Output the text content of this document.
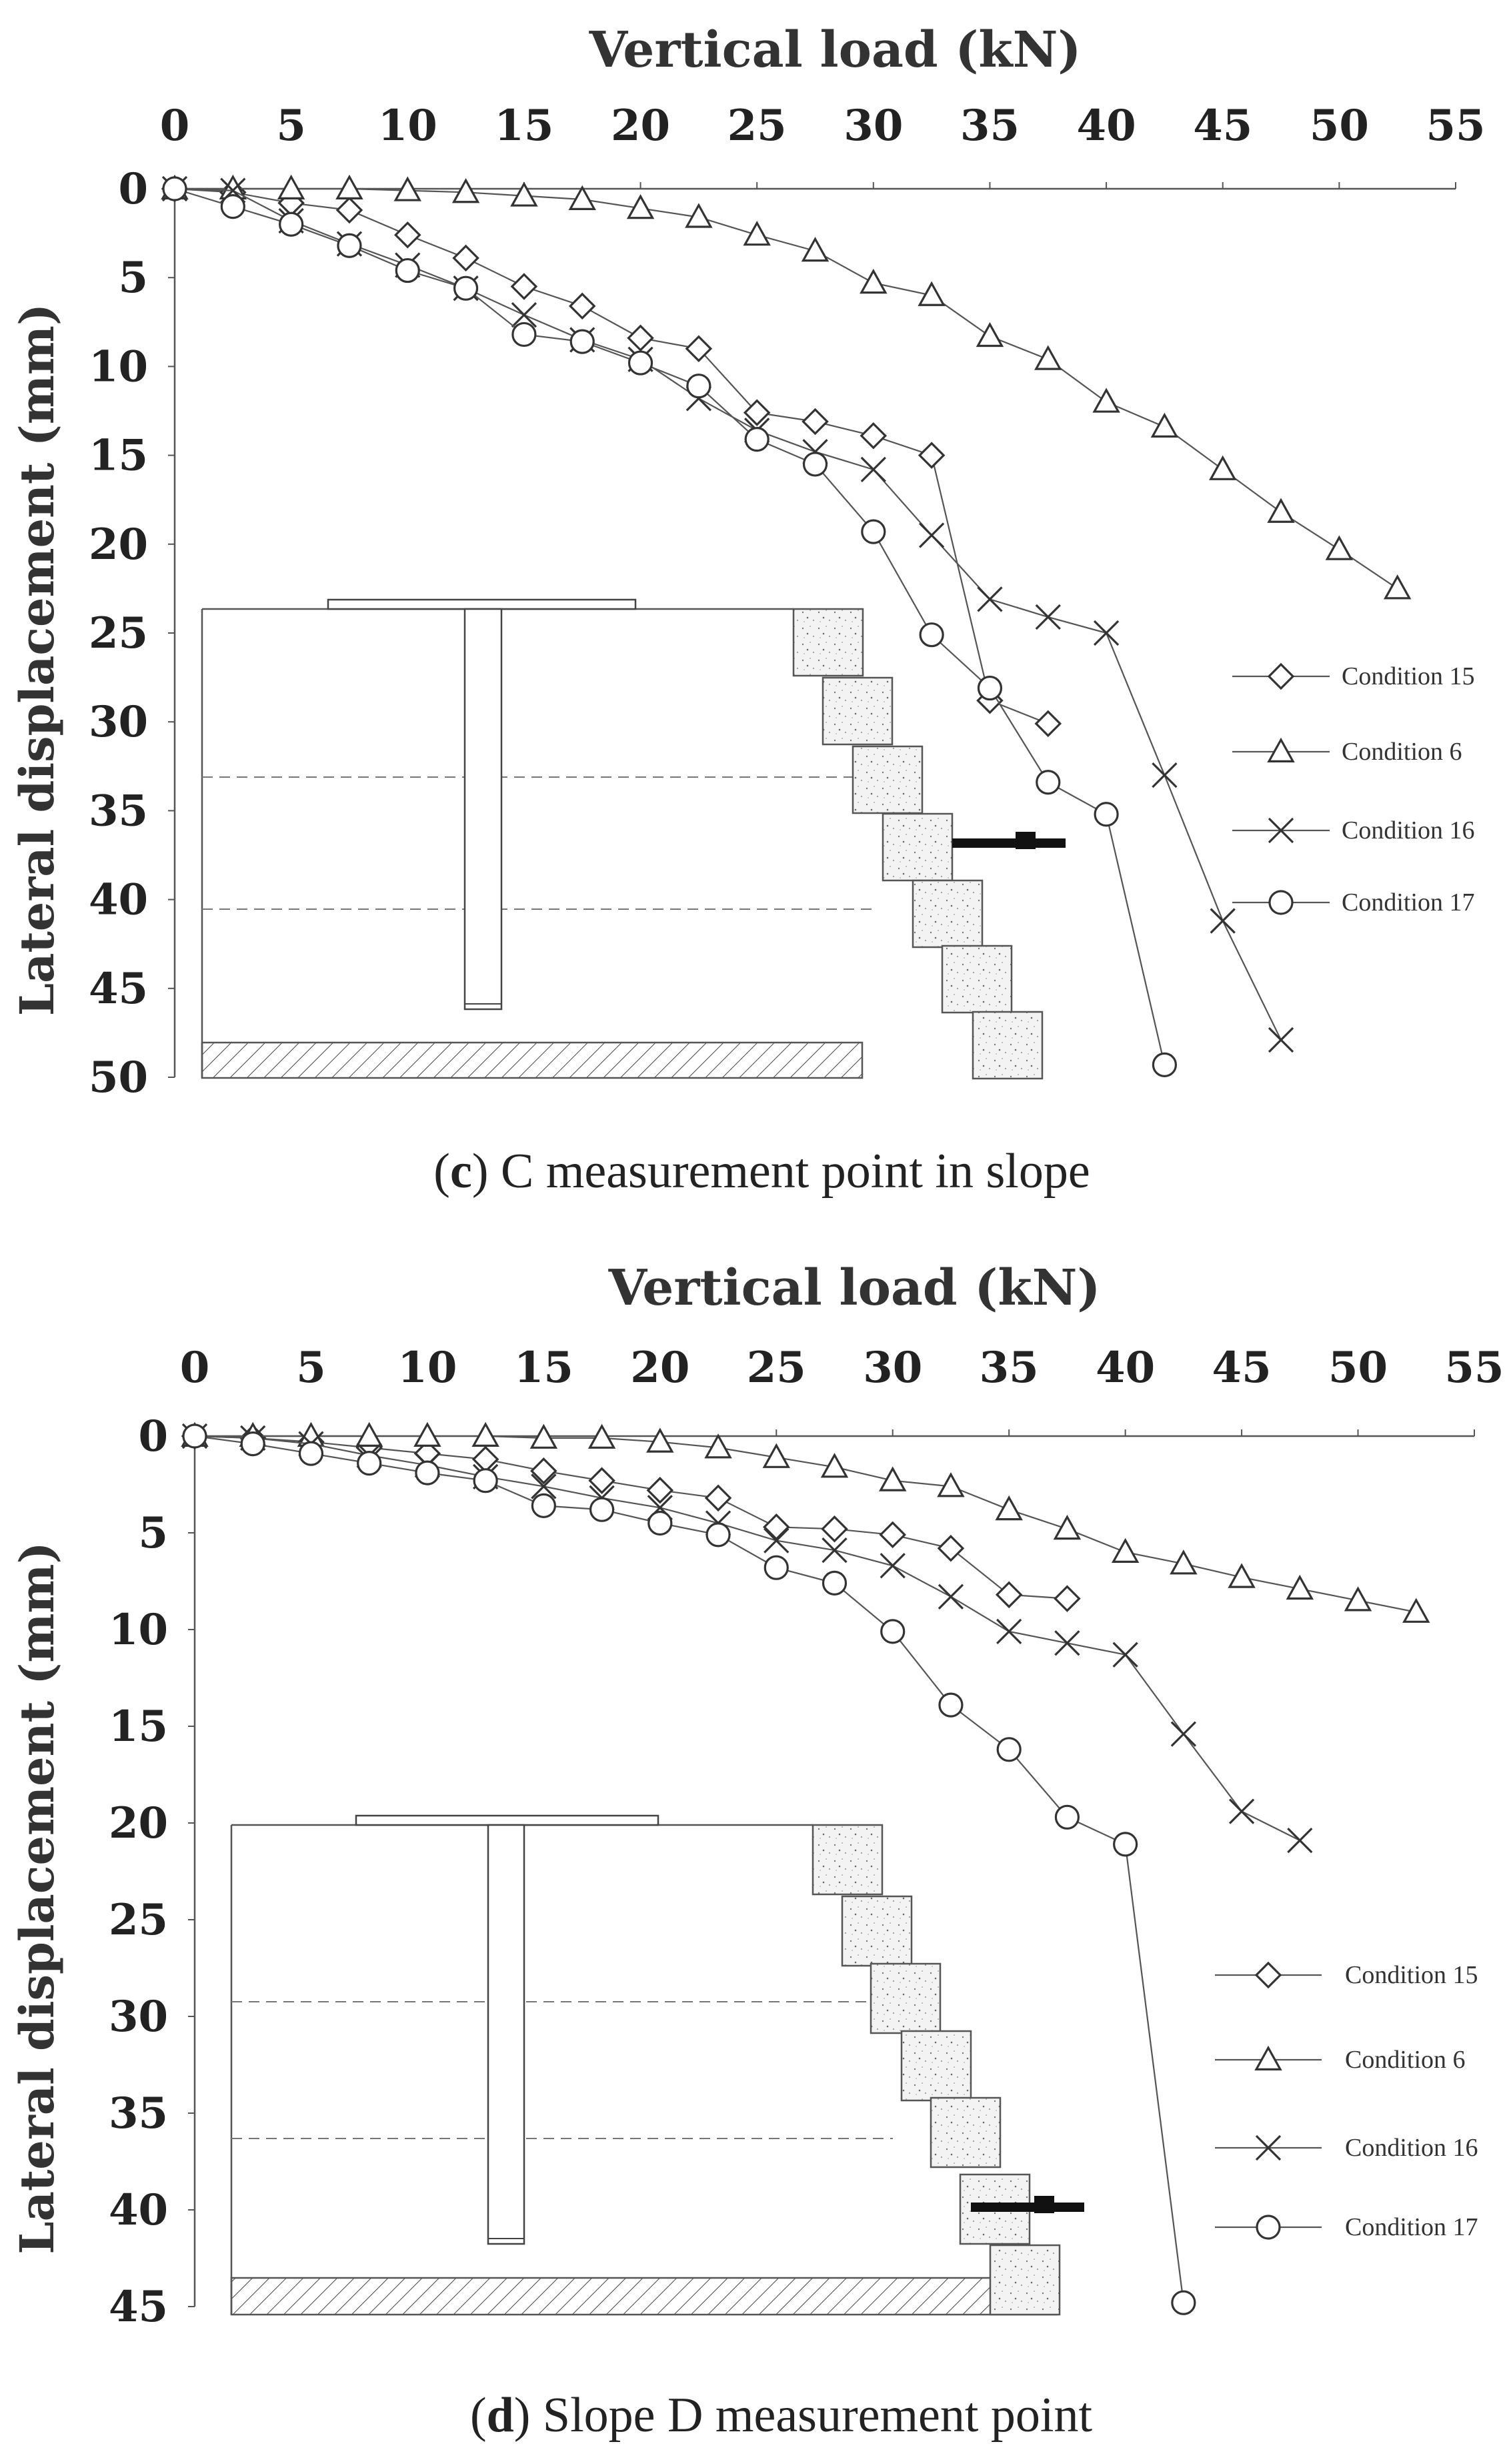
0 5 10 15 20 25 30 35 40 45 50 55
0
5
10
15
20
25
30
35
40
45
50
Vertical load (kN)
Lateral displacement (mm)	Condition 15
Condition 6
Condition 16
Condition 17
(c) C measurement point in slope
0 5 10 15 20 25 30 35 40 45 50 55
0
5
10
15
20
25
30
35
40
45
Vertical load (kN)
Lateral displacement (mm)	Condition 15
Condition 6
Condition 16
Condition 17
(d) Slope D measurement point
